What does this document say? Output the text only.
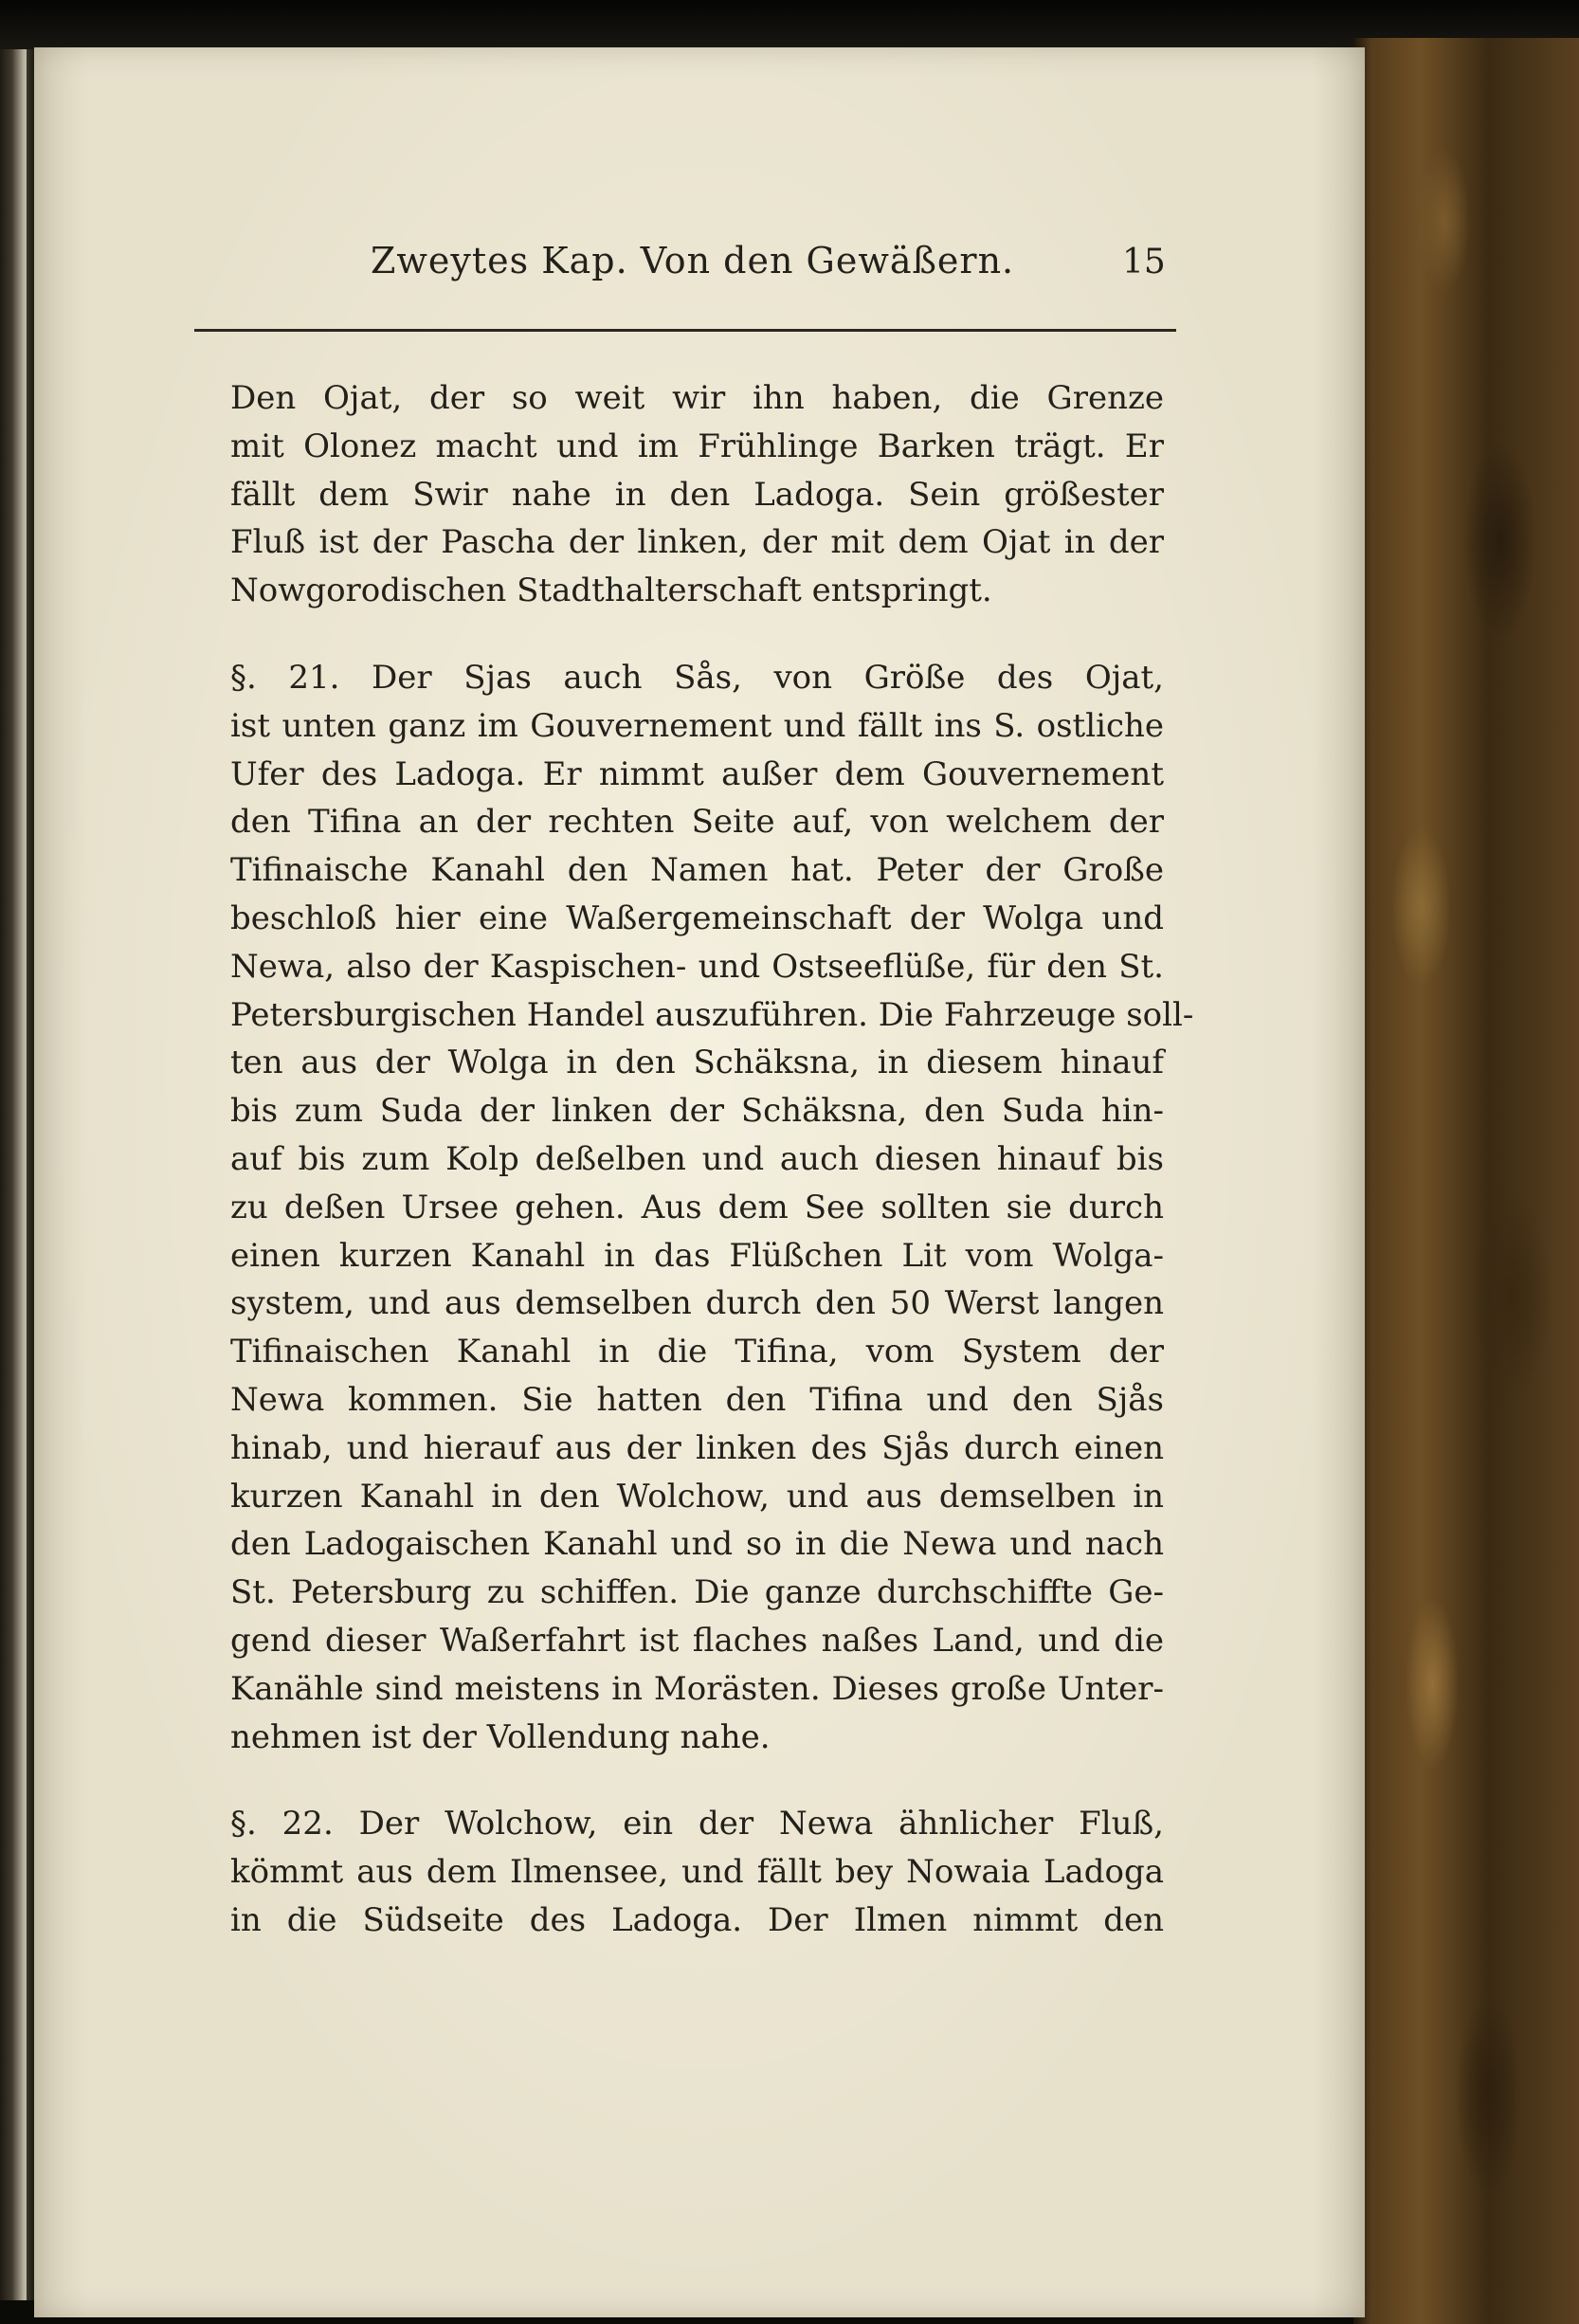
Zweytes Kap. Von den Gewäßern.	15
Den Ojat, der so weit wir ihn haben, die Grenze
mit Olonez macht und im Frühlinge Barken trägt. Er
fällt dem Swir nahe in den Ladoga. Sein größester
Fluß ist der Pascha der linken, der mit dem Ojat in der
Nowgorodischen Stadthalterschaft entspringt.
§. 21. Der Sjas auch Sås, von Größe des Ojat,
ist unten ganz im Gouvernement und fällt ins S. ostliche
Ufer des Ladoga. Er nimmt außer dem Gouvernement
den Tifina an der rechten Seite auf, von welchem der
Tifinaische Kanahl den Namen hat. Peter der Große
beschloß hier eine Waßergemeinschaft der Wolga und
Newa, also der Kaspischen- und Ostseeflüße, für den St.
Petersburgischen Handel auszuführen. Die Fahrzeuge soll-
ten aus der Wolga in den Schäksna, in diesem hinauf
bis zum Suda der linken der Schäksna, den Suda hin-
auf bis zum Kolp deßelben und auch diesen hinauf bis
zu deßen Ursee gehen. Aus dem See sollten sie durch
einen kurzen Kanahl in das Flüßchen Lit vom Wolga-
system, und aus demselben durch den 50 Werst langen
Tifinaischen Kanahl in die Tifina, vom System der
Newa kommen. Sie hatten den Tifina und den Sjås
hinab, und hierauf aus der linken des Sjås durch einen
kurzen Kanahl in den Wolchow, und aus demselben in
den Ladogaischen Kanahl und so in die Newa und nach
St. Petersburg zu schiffen. Die ganze durchschiffte Ge-
gend dieser Waßerfahrt ist flaches naßes Land, und die
Kanähle sind meistens in Morästen. Dieses große Unter-
nehmen ist der Vollendung nahe.
§. 22. Der Wolchow, ein der Newa ähnlicher Fluß,
kömmt aus dem Ilmensee, und fällt bey Nowaia Ladoga
in die Südseite des Ladoga. Der Ilmen nimmt den
